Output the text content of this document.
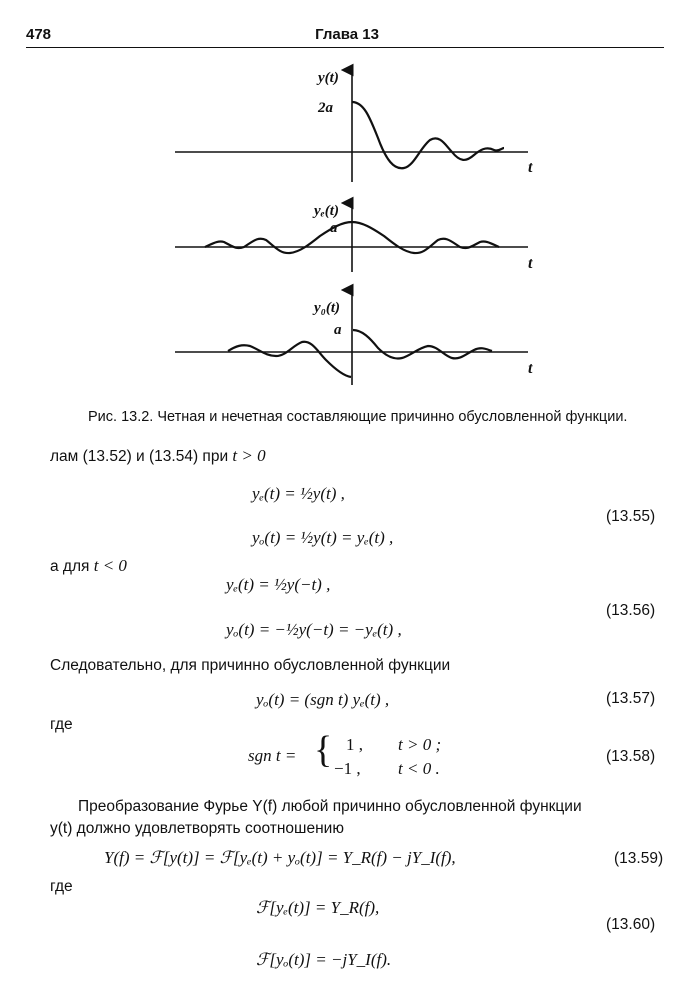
478	Глава 13
y(t)
2a
t
yₑ(t)
a
t
y₀(t)
a
t
Рис. 13.2. Четная и нечетная составляющие причинно обусловленной функции.
лам (13.52) и (13.54) при t > 0
yₑ(t) = ½y(t) ,
yₒ(t) = ½y(t) = yₑ(t) ,
(13.55)
а для t < 0
yₑ(t) = ½y(−t) ,
yₒ(t) = −½y(−t) = −yₑ(t) ,
(13.56)
Следовательно, для причинно обусловленной функции
yₒ(t) = (sgn t) yₑ(t) ,	(13.57)
где
sgn t = { 1 , t > 0 ;
−1 , t < 0 .
(13.58)
Преобразование Фурье Y(f) любой причинно обусловленной функции
y(t) должно удовлетворять соотношению
Y(f) = ℱ[y(t)] = ℱ[yₑ(t) + yₒ(t)] = Y_R(f) − jY_I(f),	(13.59)
где
ℱ[yₑ(t)] = Y_R(f),
ℱ[yₒ(t)] = −jY_I(f).
(13.60)
